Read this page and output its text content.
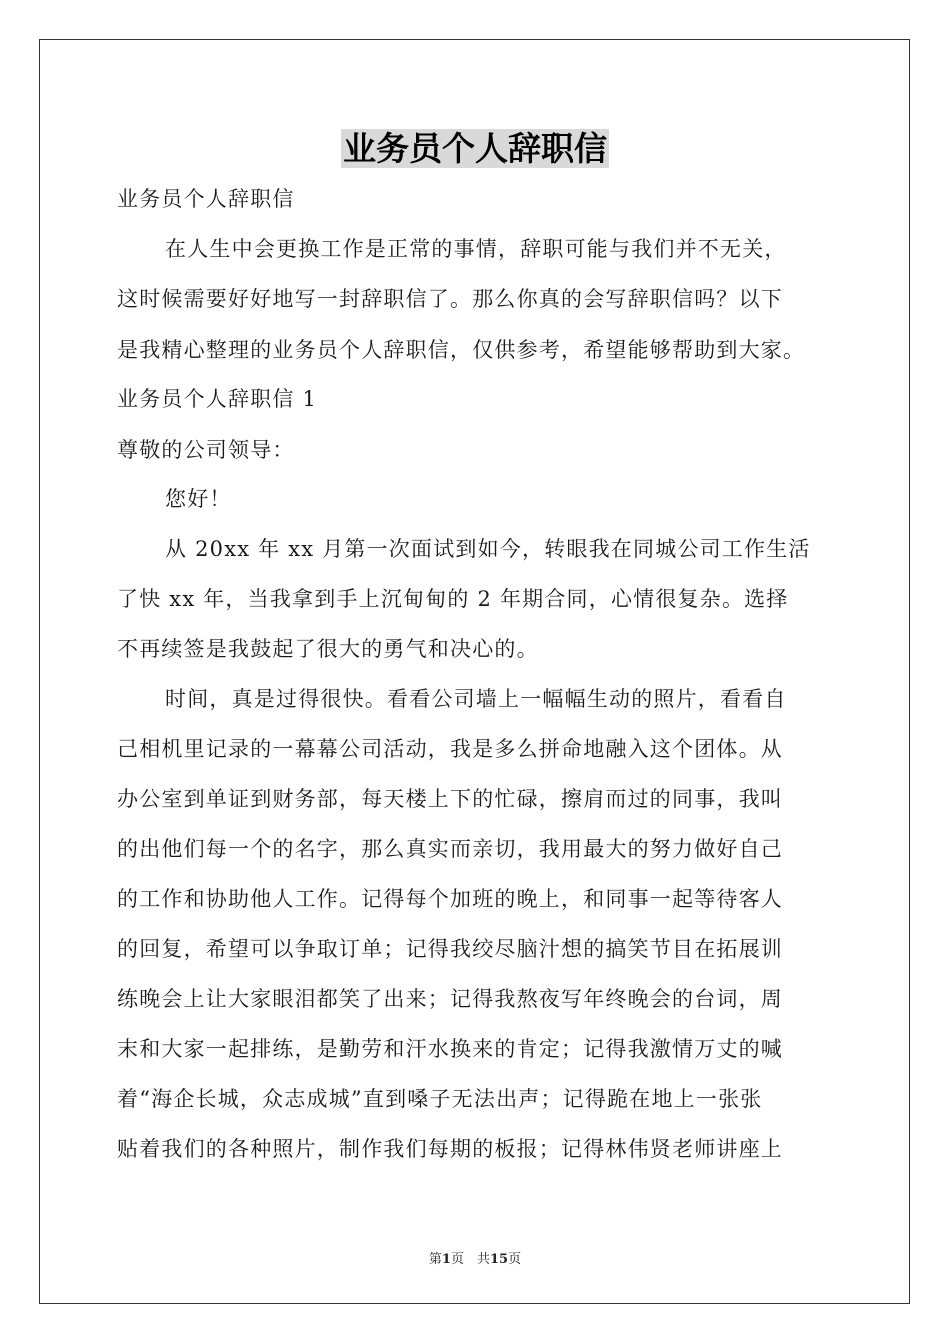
业务员个人辞职信
业务员个人辞职信
在人生中会更换工作是正常的事情，辞职可能与我们并不无关，
这时候需要好好地写一封辞职信了。那么你真的会写辞职信吗？以下
是我精心整理的业务员个人辞职信，仅供参考，希望能够帮助到大家。
业务员个人辞职信 1
尊敬的公司领导：
您好！
从 20xx 年 xx 月第一次面试到如今，转眼我在同城公司工作生活
了快 xx 年，当我拿到手上沉甸甸的 2 年期合同，心情很复杂。选择
不再续签是我鼓起了很大的勇气和决心的。
时间，真是过得很快。看看公司墙上一幅幅生动的照片，看看自
己相机里记录的一幕幕公司活动，我是多么拼命地融入这个团体。从
办公室到单证到财务部，每天楼上下的忙碌，擦肩而过的同事，我叫
的出他们每一个的名字，那么真实而亲切，我用最大的努力做好自己
的工作和协助他人工作。记得每个加班的晚上，和同事一起等待客人
的回复，希望可以争取订单；记得我绞尽脑汁想的搞笑节目在拓展训
练晚会上让大家眼泪都笑了出来；记得我熬夜写年终晚会的台词，周
末和大家一起排练，是勤劳和汗水换来的肯定；记得我激情万丈的喊
着“海企长城，众志成城”直到嗓子无法出声；记得跪在地上一张张
贴着我们的各种照片，制作我们每期的板报；记得林伟贤老师讲座上
第1页　共15页
